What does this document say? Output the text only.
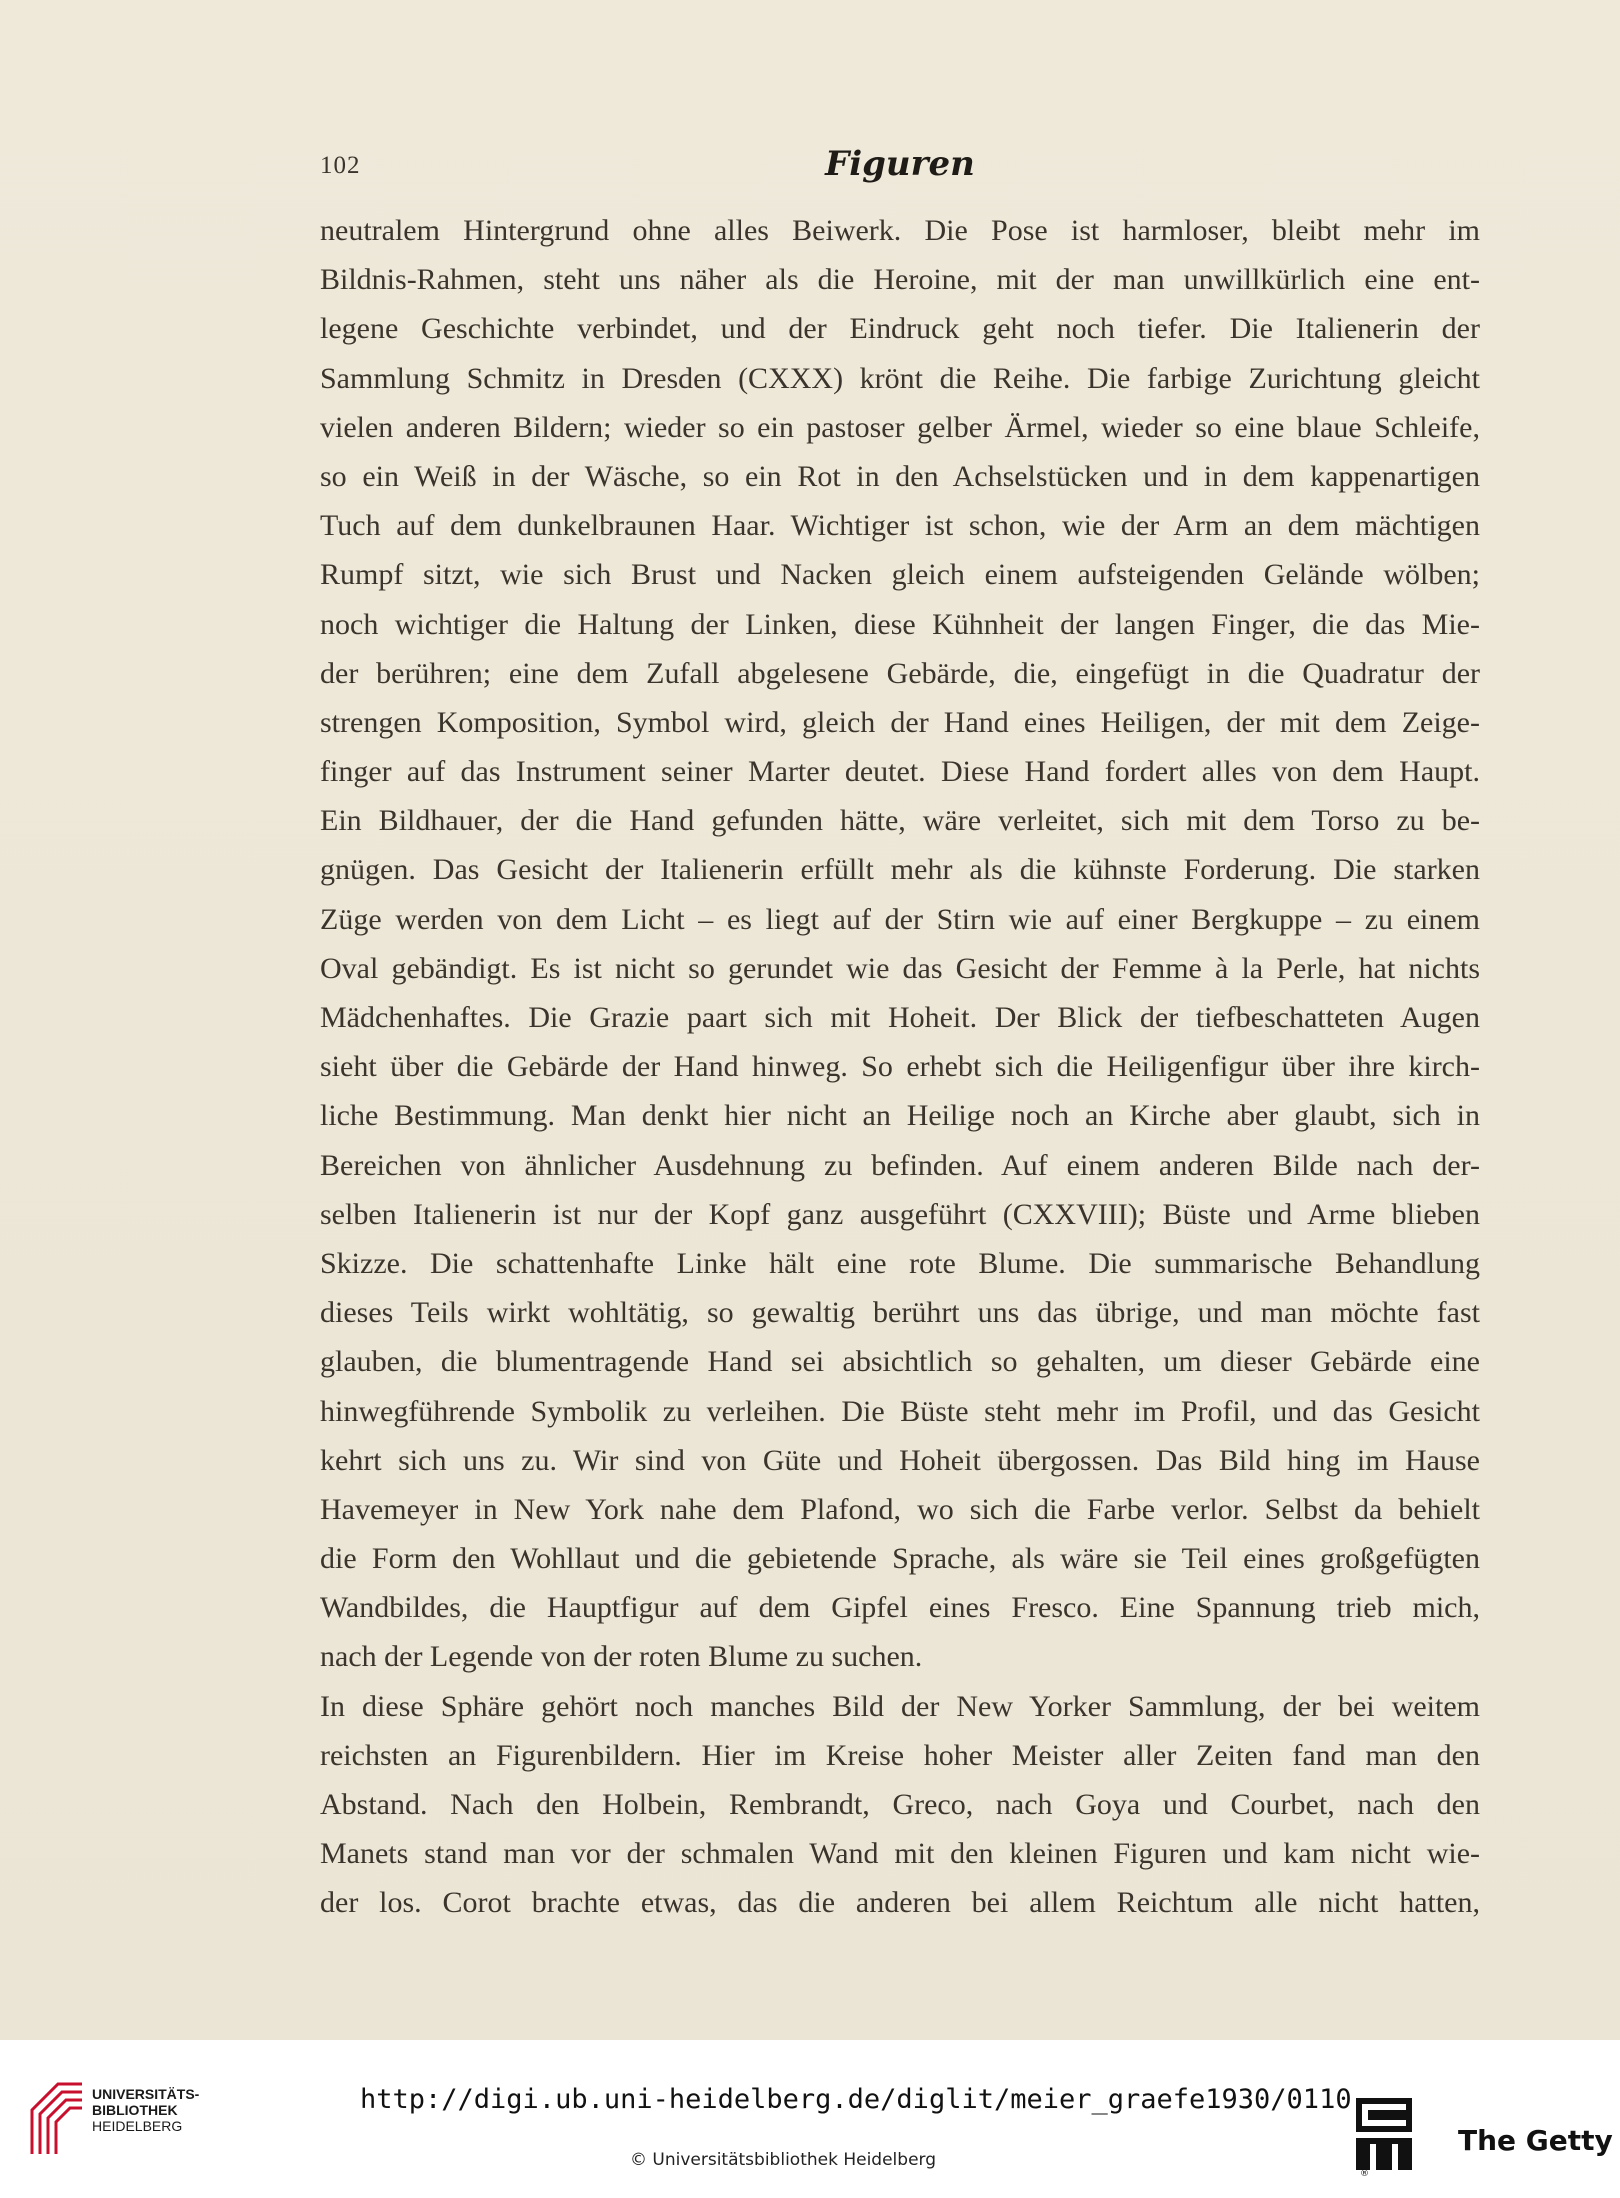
102	Figuren
neutralem Hintergrund ohne alles Beiwerk. Die Pose ist harmloser, bleibt mehr im
Bildnis-Rahmen, steht uns näher als die Heroine, mit der man unwillkürlich eine ent-
legene Geschichte verbindet, und der Eindruck geht noch tiefer. Die Italienerin der
Sammlung Schmitz in Dresden (CXXX) krönt die Reihe. Die farbige Zurichtung gleicht
vielen anderen Bildern; wieder so ein pastoser gelber Ärmel, wieder so eine blaue Schleife,
so ein Weiß in der Wäsche, so ein Rot in den Achselstücken und in dem kappenartigen
Tuch auf dem dunkelbraunen Haar. Wichtiger ist schon, wie der Arm an dem mächtigen
Rumpf sitzt, wie sich Brust und Nacken gleich einem aufsteigenden Gelände wölben;
noch wichtiger die Haltung der Linken, diese Kühnheit der langen Finger, die das Mie-
der berühren; eine dem Zufall abgelesene Gebärde, die, eingefügt in die Quadratur der
strengen Komposition, Symbol wird, gleich der Hand eines Heiligen, der mit dem Zeige-
finger auf das Instrument seiner Marter deutet. Diese Hand fordert alles von dem Haupt.
Ein Bildhauer, der die Hand gefunden hätte, wäre verleitet, sich mit dem Torso zu be-
gnügen. Das Gesicht der Italienerin erfüllt mehr als die kühnste Forderung. Die starken
Züge werden von dem Licht – es liegt auf der Stirn wie auf einer Bergkuppe – zu einem
Oval gebändigt. Es ist nicht so gerundet wie das Gesicht der Femme à la Perle, hat nichts
Mädchenhaftes. Die Grazie paart sich mit Hoheit. Der Blick der tiefbeschatteten Augen
sieht über die Gebärde der Hand hinweg. So erhebt sich die Heiligenfigur über ihre kirch-
liche Bestimmung. Man denkt hier nicht an Heilige noch an Kirche aber glaubt, sich in
Bereichen von ähnlicher Ausdehnung zu befinden. Auf einem anderen Bilde nach der-
selben Italienerin ist nur der Kopf ganz ausgeführt (CXXVIII); Büste und Arme blieben
Skizze. Die schattenhafte Linke hält eine rote Blume. Die summarische Behandlung
dieses Teils wirkt wohltätig, so gewaltig berührt uns das übrige, und man möchte fast
glauben, die blumentragende Hand sei absichtlich so gehalten, um dieser Gebärde eine
hinwegführende Symbolik zu verleihen. Die Büste steht mehr im Profil, und das Gesicht
kehrt sich uns zu. Wir sind von Güte und Hoheit übergossen. Das Bild hing im Hause
Havemeyer in New York nahe dem Plafond, wo sich die Farbe verlor. Selbst da behielt
die Form den Wohllaut und die gebietende Sprache, als wäre sie Teil eines großgefügten
Wandbildes, die Hauptfigur auf dem Gipfel eines Fresco. Eine Spannung trieb mich,
nach der Legende von der roten Blume zu suchen.
In diese Sphäre gehört noch manches Bild der New Yorker Sammlung, der bei weitem
reichsten an Figurenbildern. Hier im Kreise hoher Meister aller Zeiten fand man den
Abstand. Nach den Holbein, Rembrandt, Greco, nach Goya und Courbet, nach den
Manets stand man vor der schmalen Wand mit den kleinen Figuren und kam nicht wie-
der los. Corot brachte etwas, das die anderen bei allem Reichtum alle nicht hatten,
UNIVERSITÄTS-
BIBLIOTHEK
HEIDELBERG
http://digi.ub.uni-heidelberg.de/diglit/meier_graefe1930/0110
© Universitätsbibliothek Heidelberg
®
The Getty
